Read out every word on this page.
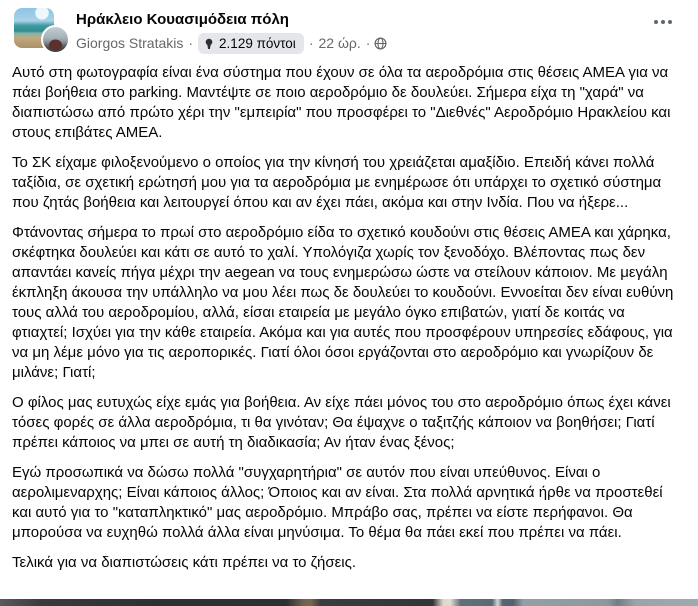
Ηράκλειο Κουασιμόδεια πόλη
Giorgos Stratakis · 2.129 πόντοι · 22 ώρ. ·

Αυτό στη φωτογραφία είναι ένα σύστημα που έχουν σε όλα τα αεροδρόμια στις θέσεις ΑΜΕΑ για να πάει βοήθεια στο parking. Μαντέψτε σε ποιο αεροδρόμιο δε δουλεύει. Σήμερα είχα τη "χαρά" να διαπιστώσω από πρώτο χέρι την "εμπειρία" που προσφέρει το "Διεθνές" Αεροδρόμιο Ηρακλείου και στους επιβάτες ΑΜΕΑ.

Το ΣΚ είχαμε φιλοξενούμενο ο οποίος για την κίνησή του χρειάζεται αμαξίδιο. Επειδή κάνει πολλά ταξίδια, σε σχετική ερώτησή μου για τα αεροδρόμια με ενημέρωσε ότι υπάρχει το σχετικό σύστημα που ζητάς βοήθεια και λειτουργεί όπου και αν έχει πάει, ακόμα και στην Ινδία. Που να ήξερε...

Φτάνοντας σήμερα το πρωί στο αεροδρόμιο είδα το σχετικό κουδούνι στις θέσεις ΑΜΕΑ και χάρηκα, σκέφτηκα δουλεύει και κάτι σε αυτό το χαλί. Υπολόγιζα χωρίς τον ξενοδόχο. Βλέποντας πως δεν απαντάει κανείς πήγα μέχρι την aegean να τους ενημερώσω ώστε να στείλουν κάποιον. Με μεγάλη έκπληξη άκουσα την υπάλληλο να μου λέει πως δε δουλεύει το κουδούνι. Εννοείται δεν είναι ευθύνη τους αλλά του αεροδρομίου, αλλά, είσαι εταιρεία με μεγάλο όγκο επιβατών, γιατί δε κοιτάς να φτιαχτεί; Ισχύει για την κάθε εταιρεία. Ακόμα και για αυτές που προσφέρουν υπηρεσίες εδάφους, για να μη λέμε μόνο για τις αεροπορικές. Γιατί όλοι όσοι εργάζονται στο αεροδρόμιο και γνωρίζουν δε μιλάνε; Γιατί;

Ο φίλος μας ευτυχώς είχε εμάς για βοήθεια. Αν είχε πάει μόνος του στο αεροδρόμιο όπως έχει κάνει τόσες φορές σε άλλα αεροδρόμια, τι θα γινόταν; Θα έψαχνε ο ταξιτζής κάποιον να βοηθήσει; Γιατί πρέπει κάποιος να μπει σε αυτή τη διαδικασία; Αν ήταν ένας ξένος;

Εγώ προσωπικά να δώσω πολλά "συγχαρητήρια" σε αυτόν που είναι υπεύθυνος. Είναι ο αερολιμεναρχης; Είναι κάποιος άλλος; Όποιος και αν είναι. Στα πολλά αρνητικά ήρθε να προστεθεί και αυτό για το "καταπληκτικό" μας αεροδρόμιο. Μπράβο σας, πρέπει να είστε περήφανοι. Θα μπορούσα να ευχηθώ πολλά άλλα είναι μηνύσιμα. Το θέμα θα πάει εκεί που πρέπει να πάει.

Τελικά για να διαπιστώσεις κάτι πρέπει να το ζήσεις.
